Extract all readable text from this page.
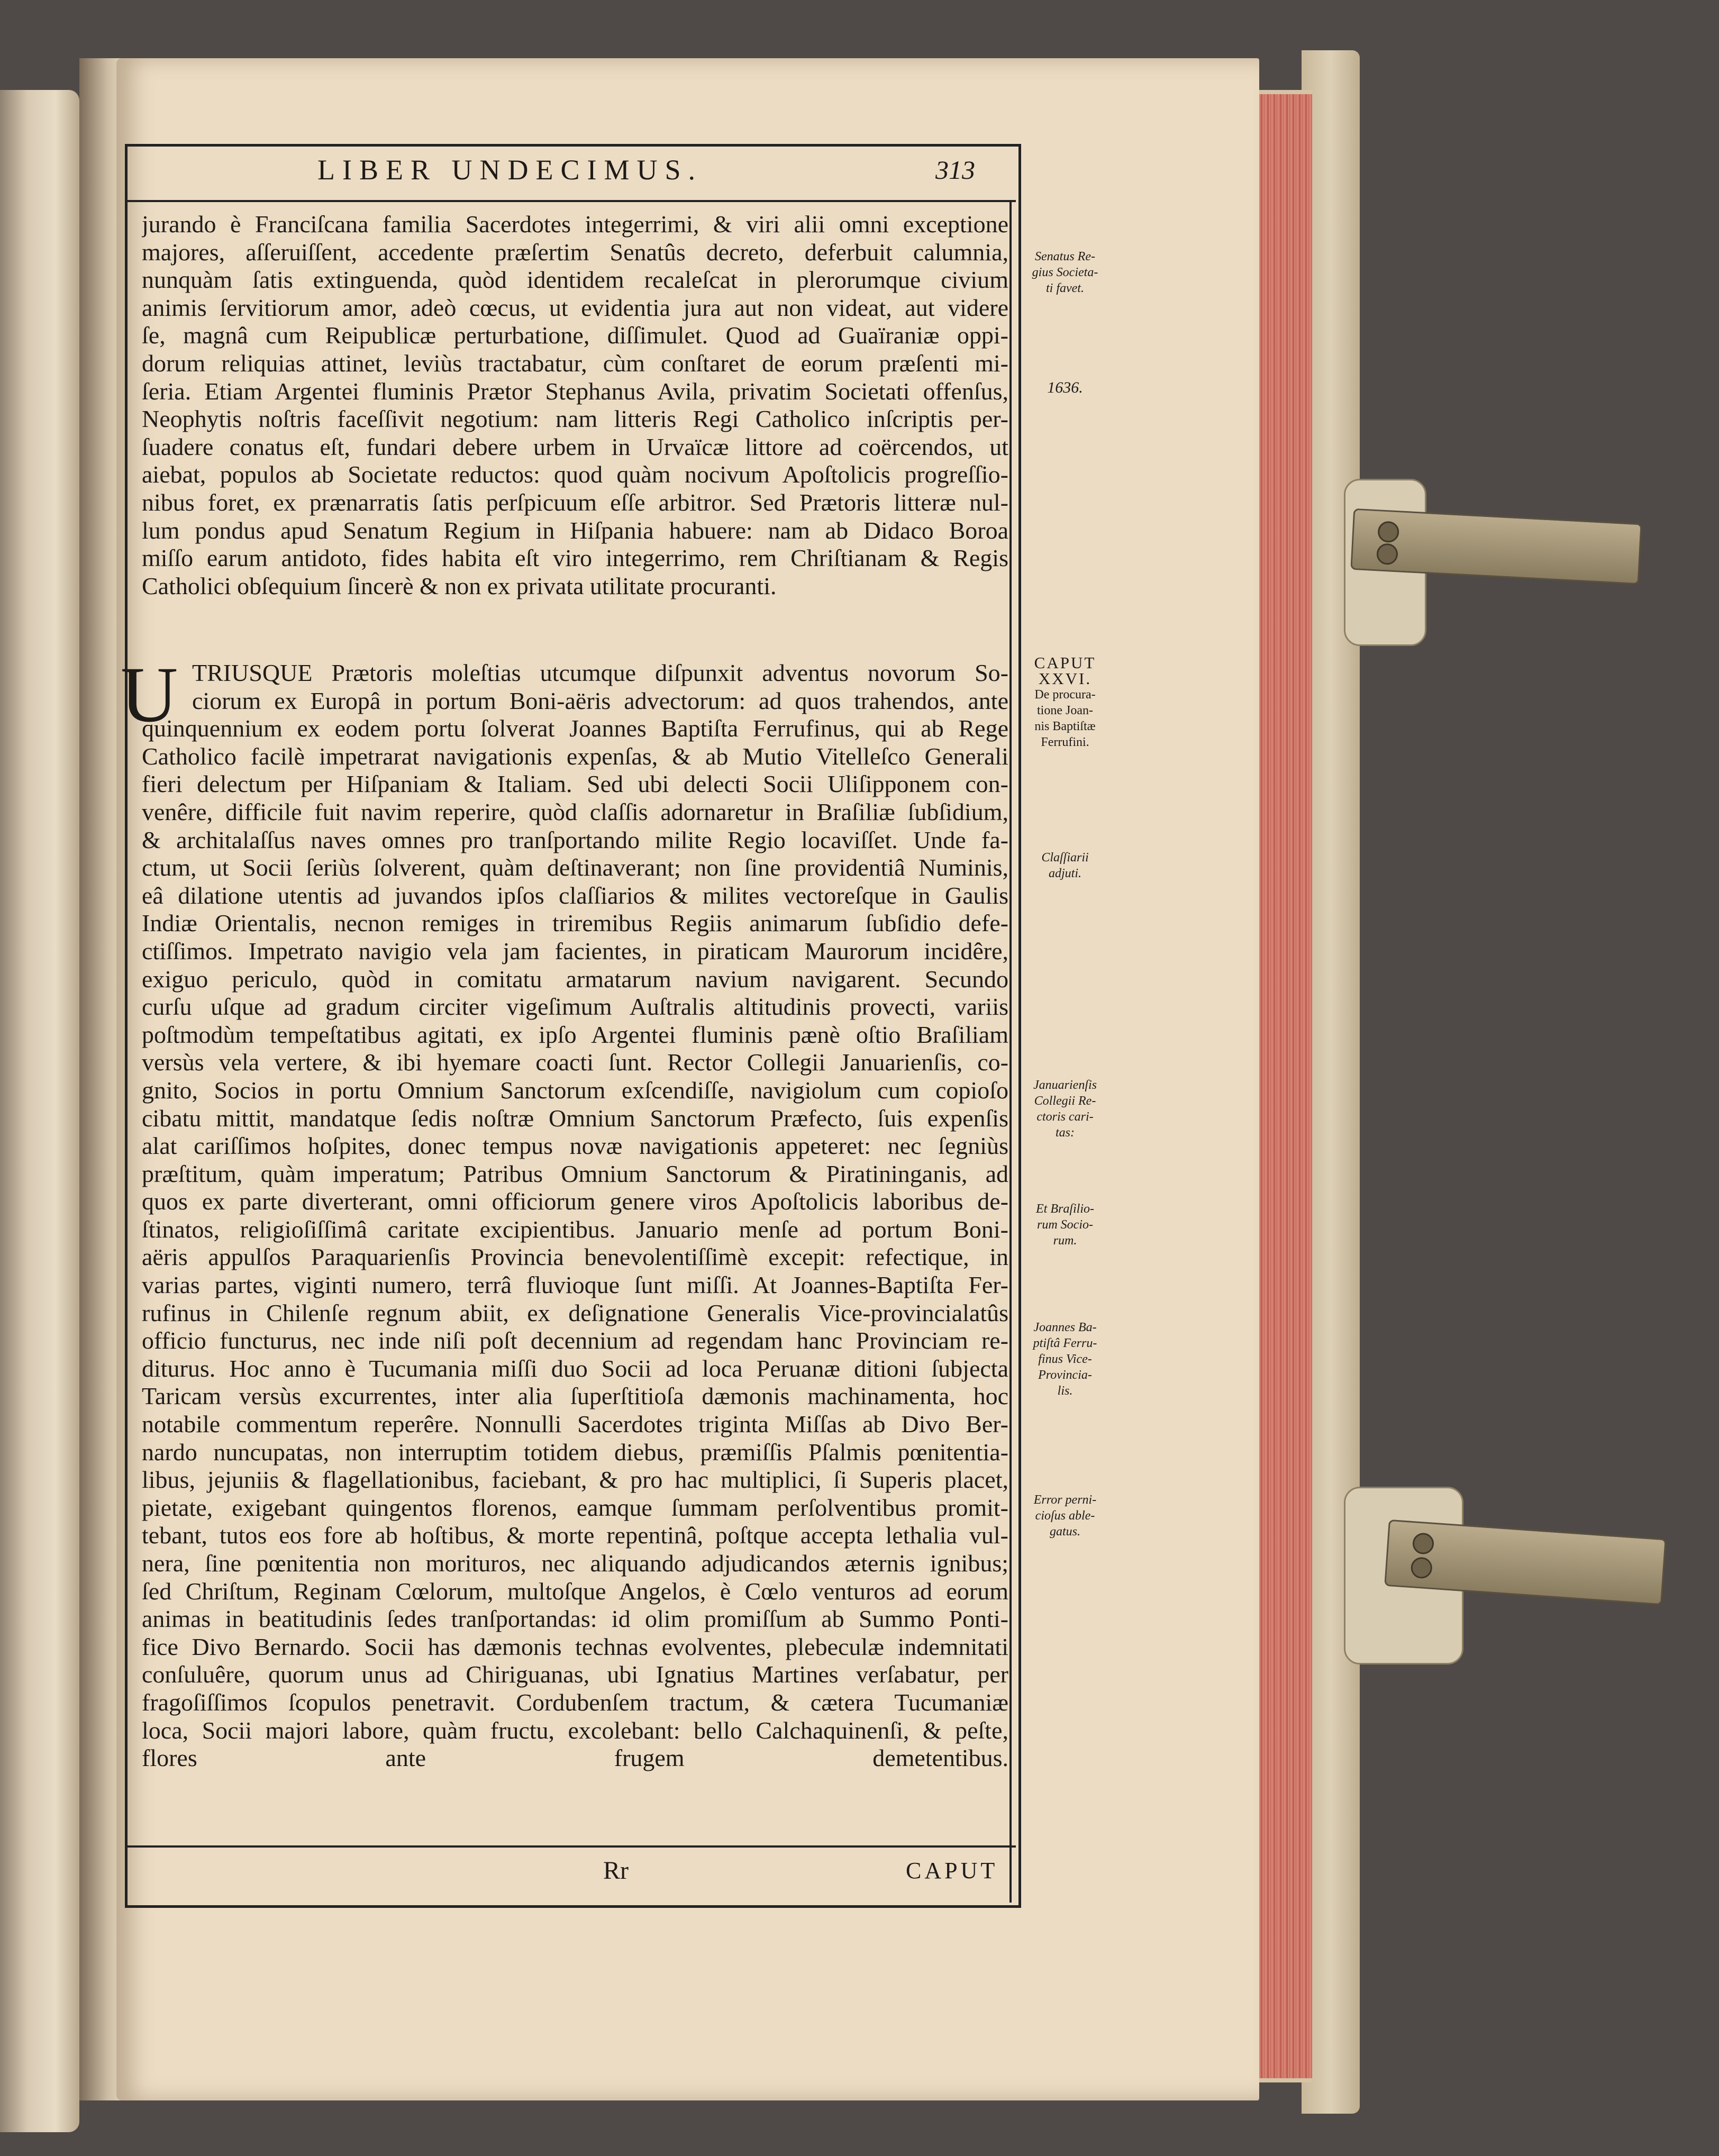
LIBER UNDECIMUS.	313
jurando è Franciſcana familia Sacerdotes integerrimi, & viri alii omni exceptione
majores, aſſeruiſſent, accedente præſertim Senatûs decreto, deferbuit calumnia,
nunquàm ſatis extinguenda, quòd identidem recaleſcat in plerorumque civium
animis ſervitiorum amor, adeò cœcus, ut evidentia jura aut non videat, aut videre
ſe, magnâ cum Reipublicæ perturbatione, diſſimulet. Quod ad Guaïraniæ oppi-
dorum reliquias attinet, leviùs tractabatur, cùm conſtaret de eorum præſenti mi-
ſeria. Etiam Argentei fluminis Prætor Stephanus Avila, privatim Societati offenſus,
Neophytis noſtris faceſſivit negotium: nam litteris Regi Catholico inſcriptis per-
ſuadere conatus eſt, fundari debere urbem in Urvaïcæ littore ad coërcendos, ut
aiebat, populos ab Societate reductos: quod quàm nocivum Apoſtolicis progreſſio-
nibus foret, ex prænarratis ſatis perſpicuum eſſe arbitror. Sed Prætoris litteræ nul-
lum pondus apud Senatum Regium in Hiſpania habuere: nam ab Didaco Boroa
miſſo earum antidoto, fides habita eſt viro integerrimo, rem Chriſtianam & Regis
Catholici obſequium ſincerè & non ex privata utilitate procuranti.
U TRIUSQUE Prætoris moleſtias utcumque diſpunxit adventus novorum So-
ciorum ex Europâ in portum Boni-aëris advectorum: ad quos trahendos, ante
quinquennium ex eodem portu ſolverat Joannes Baptiſta Ferrufinus, qui ab Rege
Catholico facilè impetrarat navigationis expenſas, & ab Mutio Vitelleſco Generali
fieri delectum per Hiſpaniam & Italiam. Sed ubi delecti Socii Uliſipponem con-
venêre, difficile fuit navim reperire, quòd claſſis adornaretur in Braſiliæ ſubſidium,
& architalaſſus naves omnes pro tranſportando milite Regio locaviſſet. Unde fa-
ctum, ut Socii ſeriùs ſolverent, quàm deſtinaverant; non ſine providentiâ Numinis,
eâ dilatione utentis ad juvandos ipſos claſſiarios & milites vectoreſque in Gaulis
Indiæ Orientalis, necnon remiges in triremibus Regiis animarum ſubſidio defe-
ctiſſimos. Impetrato navigio vela jam facientes, in piraticam Maurorum incidêre,
exiguo periculo, quòd in comitatu armatarum navium navigarent. Secundo
curſu uſque ad gradum circiter vigeſimum Auſtralis altitudinis provecti, variis
poſtmodùm tempeſtatibus agitati, ex ipſo Argentei fluminis pænè oſtio Braſiliam
versùs vela vertere, & ibi hyemare coacti ſunt. Rector Collegii Januarienſis, co-
gnito, Socios in portu Omnium Sanctorum exſcendiſſe, navigiolum cum copioſo
cibatu mittit, mandatque ſedis noſtræ Omnium Sanctorum Præfecto, ſuis expenſis
alat cariſſimos hoſpites, donec tempus novæ navigationis appeteret: nec ſegniùs
præſtitum, quàm imperatum; Patribus Omnium Sanctorum & Piratininganis, ad
quos ex parte diverterant, omni officiorum genere viros Apoſtolicis laboribus de-
ſtinatos, religioſiſſimâ caritate excipientibus. Januario menſe ad portum Boni-
aëris appulſos Paraquarienſis Provincia benevolentiſſimè excepit: refectique, in
varias partes, viginti numero, terrâ fluvioque ſunt miſſi. At Joannes-Baptiſta Fer-
rufinus in Chilenſe regnum abiit, ex deſignatione Generalis Vice-provincialatûs
officio functurus, nec inde niſi poſt decennium ad regendam hanc Provinciam re-
diturus. Hoc anno è Tucumania miſſi duo Socii ad loca Peruanæ ditioni ſubjecta
Taricam versùs excurrentes, inter alia ſuperſtitioſa dæmonis machinamenta, hoc
notabile commentum reperêre. Nonnulli Sacerdotes triginta Miſſas ab Divo Ber-
nardo nuncupatas, non interruptim totidem diebus, præmiſſis Pſalmis pœnitentia-
libus, jejuniis & flagellationibus, faciebant, & pro hac multiplici, ſi Superis placet,
pietate, exigebant quingentos florenos, eamque ſummam perſolventibus promit-
tebant, tutos eos fore ab hoſtibus, & morte repentinâ, poſtque accepta lethalia vul-
nera, ſine pœnitentia non morituros, nec aliquando adjudicandos æternis ignibus;
ſed Chriſtum, Reginam Cœlorum, multoſque Angelos, è Cœlo venturos ad eorum
animas in beatitudinis ſedes tranſportandas: id olim promiſſum ab Summo Ponti-
fice Divo Bernardo. Socii has dæmonis technas evolventes, plebeculæ indemnitati
conſuluêre, quorum unus ad Chiriguanas, ubi Ignatius Martines verſabatur, per
fragoſiſſimos ſcopulos penetravit. Cordubenſem tractum, & cætera Tucumaniæ
loca, Socii majori labore, quàm fructu, excolebant: bello Calchaquinenſi, & peſte,
flores ante frugem demetentibus.
Senatus Re-
gius Societa-
ti favet.
1636.
CAPUT
XXVI.
De procura-
tione Joan-
nis Baptiſtæ
Ferrufini.
Claſſiarii
adjuti.
Januarienſis
Collegii Re-
ctoris cari-
tas:
Et Braſilio-
rum Socio-
rum.
Joannes Ba-
ptiſtâ Ferru-
finus Vice-
Provincia-
lis.
Error perni-
cioſus able-
gatus.
Rr	CAPUT
